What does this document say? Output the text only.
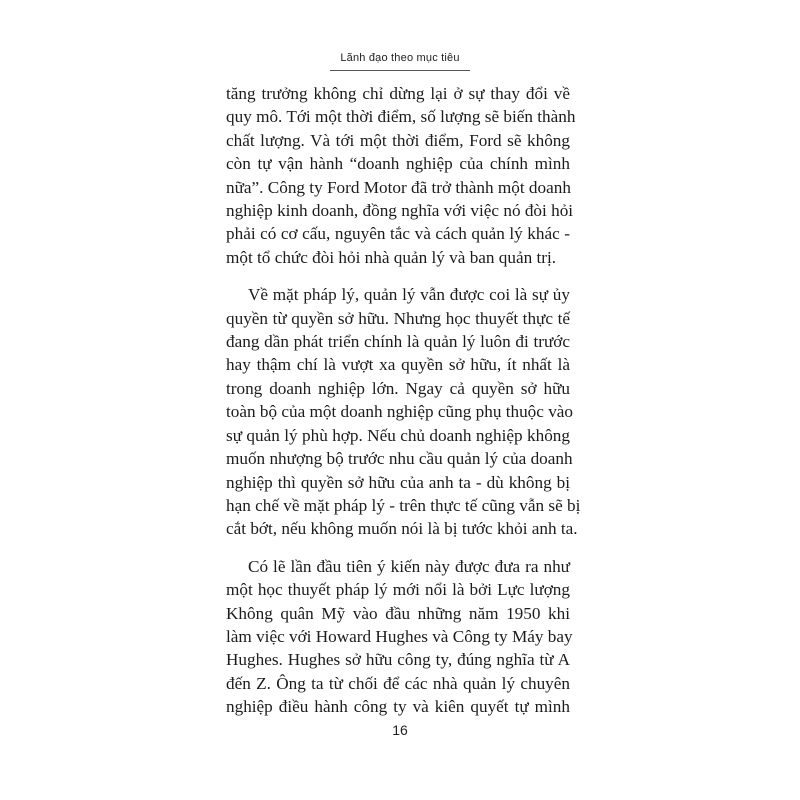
Lãnh đạo theo mục tiêu
tăng trưởng không chỉ dừng lại ở sự thay đổi về
quy mô. Tới một thời điểm, số lượng sẽ biến thành
chất lượng. Và tới một thời điểm, Ford sẽ không
còn tự vận hành “doanh nghiệp của chính mình
nữa”. Công ty Ford Motor đã trở thành một doanh
nghiệp kinh doanh, đồng nghĩa với việc nó đòi hỏi
phải có cơ cấu, nguyên tắc và cách quản lý khác -
một tổ chức đòi hỏi nhà quản lý và ban quản trị.
Về mặt pháp lý, quản lý vẫn được coi là sự ủy
quyền từ quyền sở hữu. Nhưng học thuyết thực tế
đang dần phát triển chính là quản lý luôn đi trước
hay thậm chí là vượt xa quyền sở hữu, ít nhất là
trong doanh nghiệp lớn. Ngay cả quyền sở hữu
toàn bộ của một doanh nghiệp cũng phụ thuộc vào
sự quản lý phù hợp. Nếu chủ doanh nghiệp không
muốn nhượng bộ trước nhu cầu quản lý của doanh
nghiệp thì quyền sở hữu của anh ta - dù không bị
hạn chế về mặt pháp lý - trên thực tế cũng vẫn sẽ bị
cắt bớt, nếu không muốn nói là bị tước khỏi anh ta.
Có lẽ lần đầu tiên ý kiến này được đưa ra như
một học thuyết pháp lý mới nổi là bởi Lực lượng
Không quân Mỹ vào đầu những năm 1950 khi
làm việc với Howard Hughes và Công ty Máy bay
Hughes. Hughes sở hữu công ty, đúng nghĩa từ A
đến Z. Ông ta từ chối để các nhà quản lý chuyên
nghiệp điều hành công ty và kiên quyết tự mình
16
